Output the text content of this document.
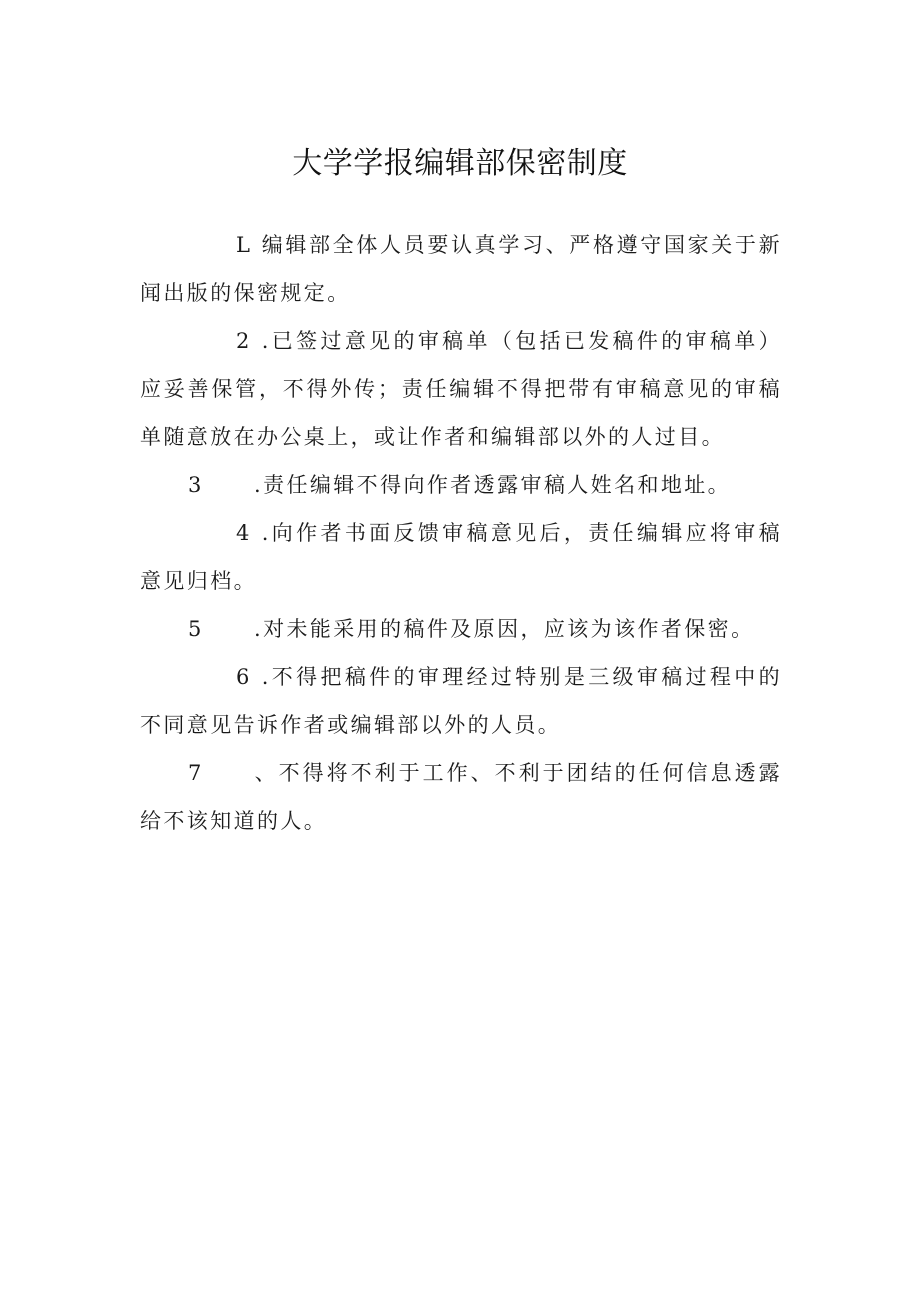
大学学报编辑部保密制度

L 编辑部全体人员要认真学习、严格遵守国家关于新闻出版的保密规定。

2 .已签过意见的审稿单（包括已发稿件的审稿单）应妥善保管，不得外传；责任编辑不得把带有审稿意见的审稿单随意放在办公桌上，或让作者和编辑部以外的人过目。

3 .责任编辑不得向作者透露审稿人姓名和地址。

4 .向作者书面反馈审稿意见后，责任编辑应将审稿意见归档。

5 .对未能采用的稿件及原因，应该为该作者保密。

6 .不得把稿件的审理经过特别是三级审稿过程中的不同意见告诉作者或编辑部以外的人员。

7 、不得将不利于工作、不利于团结的任何信息透露给不该知道的人。
